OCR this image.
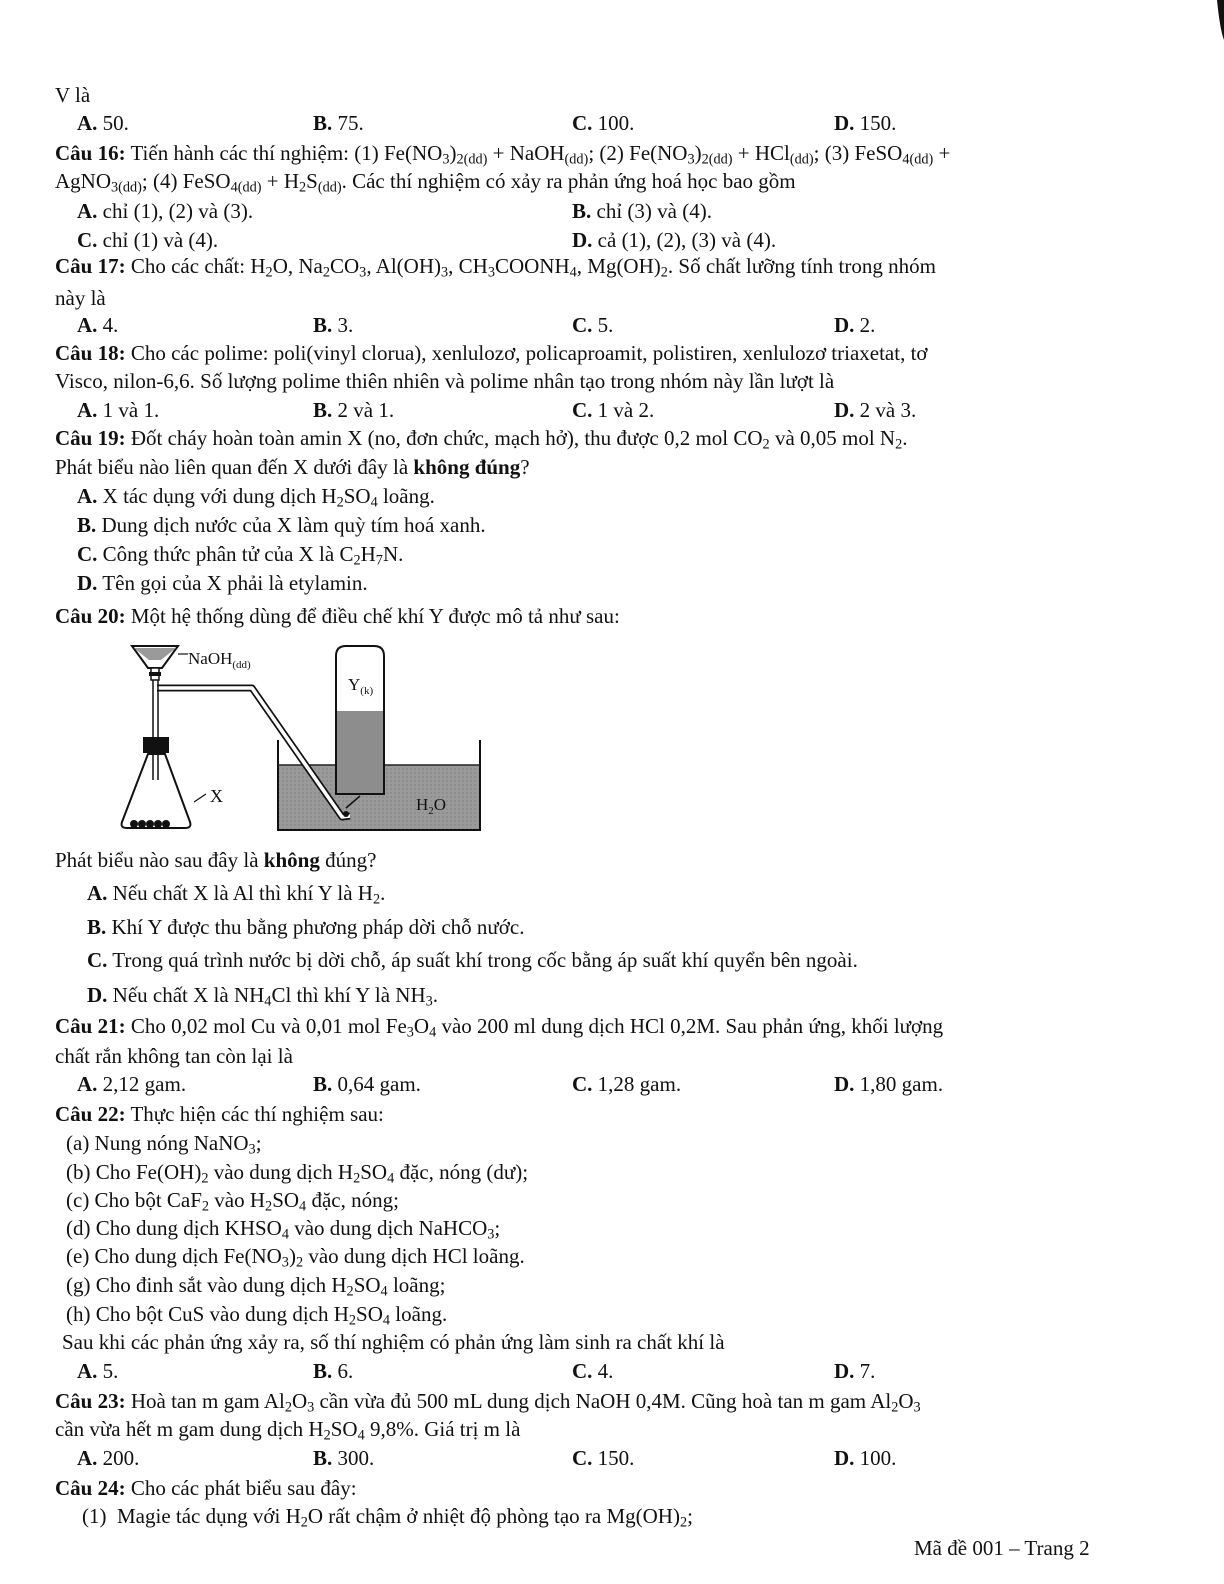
V là
A. 50.	B. 75.	C. 100.	D. 150.
Câu 16: Tiến hành các thí nghiệm: (1) $Fe(NO_3)_{2(dd)}$ + NaOH$_{(dd)}$; (2) $Fe(NO_3)_{2(dd)} + HCl_{(dd)}$; (3) FeSO$_{4(dd)}$ +
AgNO$_{3(dd)}$; (4) FeSO$_{4(dd)}$ + $H_2S_{(dd)}$. Các thí nghiệm có xảy ra phản ứng hoá học bao gồm
A. chỉ (1), (2) và (3).	B. chỉ (3) và (4).
C. chỉ (1) và (4).	D. cả (1), (2), (3) và (4).
Câu 17: Cho các chất: $H_2O$, $Na_2CO_3$, $Al(OH)_3$, $CH_3COONH_4$, $Mg(OH)_2$. Số chất lưỡng tính trong nhóm
này là
A. 4.	B. 3.	C. 5.	D. 2.
Câu 18: Cho các polime: poli(vinyl clorua), xenlulozơ, policaproamit, polistiren, xenlulozơ triaxetat, tơ
Visco, nilon-6,6. Số lượng polime thiên nhiên và polime nhân tạo trong nhóm này lần lượt là
A. 1 và 1.	B. 2 và 1.	C. 1 và 2.	D. 2 và 3.
Câu 19: Đốt cháy hoàn toàn amin X (no, đơn chức, mạch hở), thu được 0,2 mol $CO_2$ và 0,05 mol $N_2$.
Phát biểu nào liên quan đến X dưới đây là không đúng?
A. X tác dụng với dung dịch $H_2SO_4$ loãng.
B. Dung dịch nước của X làm quỳ tím hoá xanh.
C. Công thức phân tử của X là $C_2H_7N$.
D. Tên gọi của X phải là etylamin.
Câu 20: Một hệ thống dùng để điều chế khí Y được mô tả như sau:
NaOH$_{(dd)}$
$Y_{(k)}$
X	$H_2O$
Phát biểu nào sau đây là không đúng?
A. Nếu chất X là Al thì khí Y là $H_2$.
B. Khí Y được thu bằng phương pháp dời chỗ nước.
C. Trong quá trình nước bị dời chỗ, áp suất khí trong cốc bằng áp suất khí quyển bên ngoài.
D. Nếu chất X là $NH_4Cl$ thì khí Y là $NH_3$.
Câu 21: Cho 0,02 mol Cu và 0,01 mol $Fe_3O_4$ vào 200 ml dung dịch HCl 0,2M. Sau phản ứng, khối lượng
chất rắn không tan còn lại là
A. 2,12 gam.	B. 0,64 gam.	C. 1,28 gam.	D. 1,80 gam.
Câu 22: Thực hiện các thí nghiệm sau:
(a) Nung nóng NaNO$_3$;
(b) Cho $Fe(OH)_2$ vào dung dịch $H_2SO_4$ đặc, nóng (dư);
(c) Cho bột CaF$_2$ vào $H_2SO_4$ đặc, nóng;
(d) Cho dung dịch $KHSO_4$ vào dung dịch NaHCO$_3$;
(e) Cho dung dịch $Fe(NO_3)_2$ vào dung dịch HCl loãng.
(g) Cho đinh sắt vào dung dịch $H_2SO_4$ loãng;
(h) Cho bột CuS vào dung dịch $H_2SO_4$ loãng.
Sau khi các phản ứng xảy ra, số thí nghiệm có phản ứng làm sinh ra chất khí là
A. 5.	B. 6.	C. 4.	D. 7.
Câu 23: Hoà tan m gam $Al_2O_3$ cần vừa đủ 500 mL dung dịch NaOH 0,4M. Cũng hoà tan m gam $Al_2O_3$
cần vừa hết m gam dung dịch $H_2SO_4$ 9,8%. Giá trị m là
A. 200.	B. 300.	C. 150.	D. 100.
Câu 24: Cho các phát biểu sau đây:
(1) Magie tác dụng với $H_2O$ rất chậm ở nhiệt độ phòng tạo ra $Mg(OH)_2$;
Mã đề 001 – Trang 2
